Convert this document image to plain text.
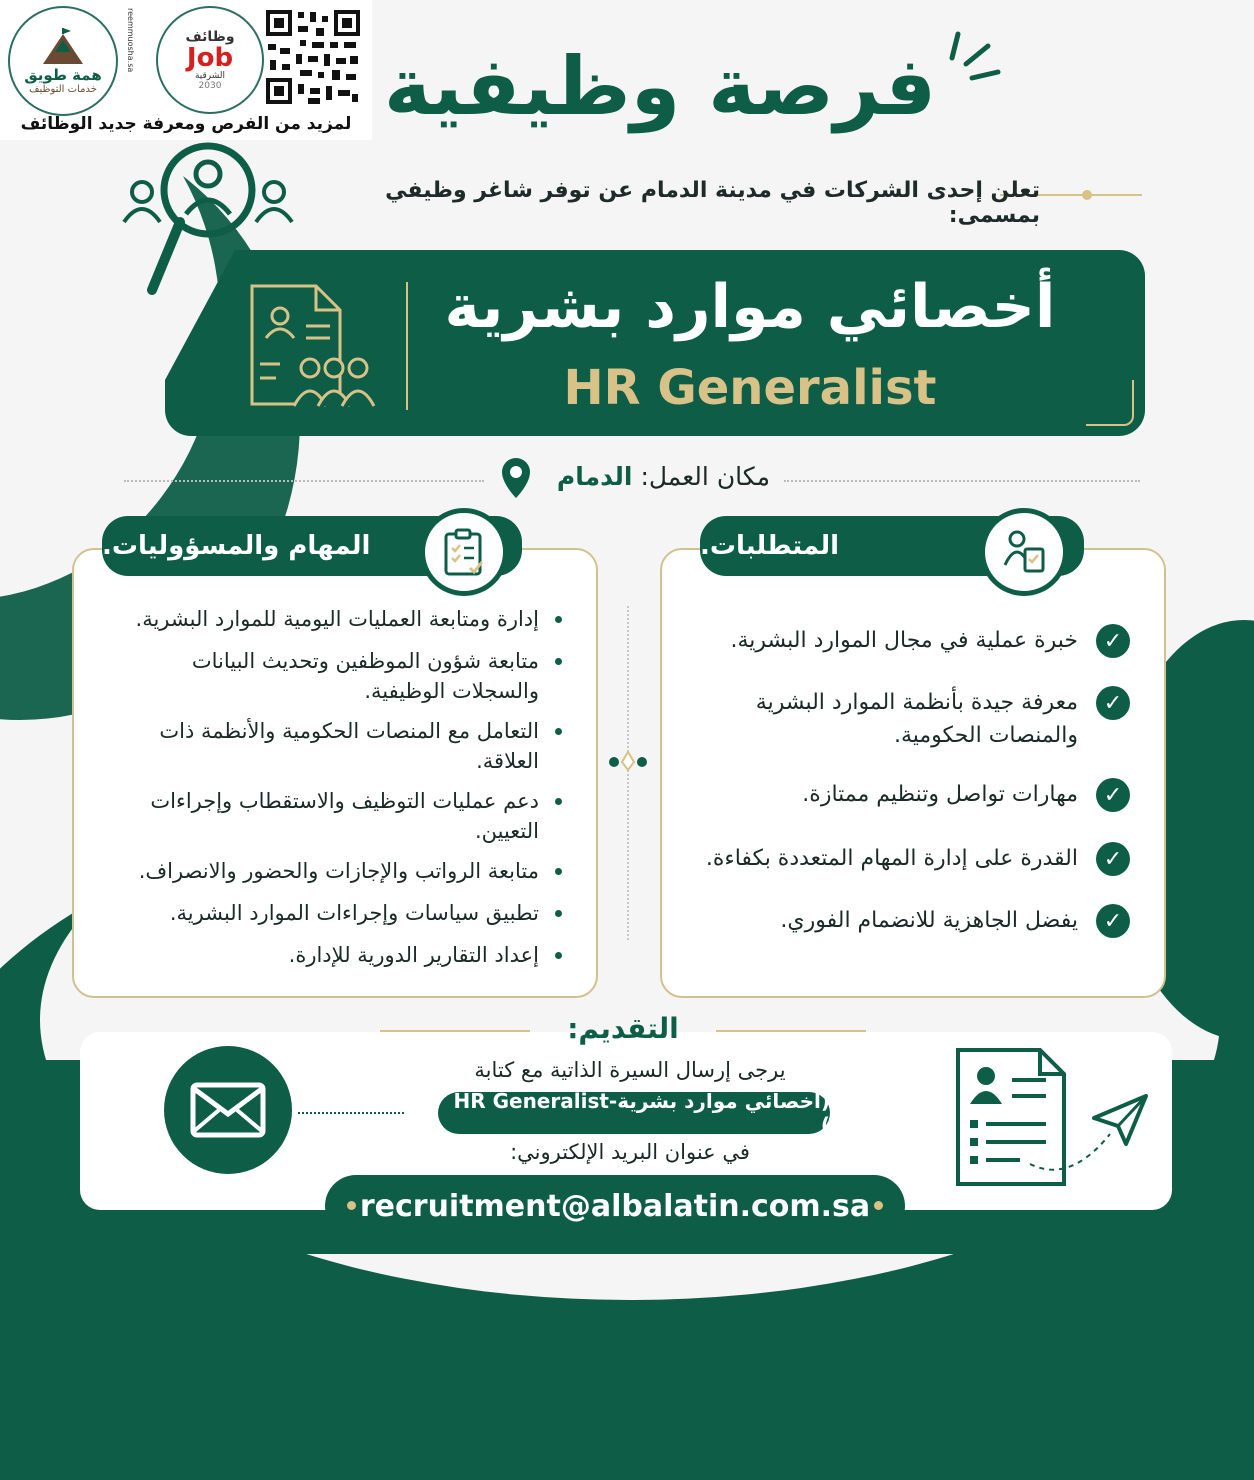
همة طويق
خدمات التوظيف
reemmuosha.sa	وظائف
Job
الشرقية
2030
لمزيد من الفرص ومعرفة جديد الوظائف فرصة وظيفية
تعلن إحدى الشركات في مدينة الدمام عن توفر شاغر وظيفي بمسمى:
أخصائي موارد بشرية
HR Generalist
مكان العمل: الدمام
المهام والمسؤوليات.
إدارة ومتابعة العمليات اليومية للموارد البشرية.
متابعة شؤون الموظفين وتحديث البيانات والسجلات الوظيفية.
التعامل مع المنصات الحكومية والأنظمة ذات العلاقة.
دعم عمليات التوظيف والاستقطاب وإجراءات التعيين.
متابعة الرواتب والإجازات والحضور والانصراف.
تطبيق سياسات وإجراءات الموارد البشرية.
إعداد التقارير الدورية للإدارة.
المتطلبات.
✓
خبرة عملية في مجال الموارد البشرية.
✓
معرفة جيدة بأنظمة الموارد البشرية والمنصات الحكومية.
✓
مهارات تواصل وتنظيم ممتازة.
✓
القدرة على إدارة المهام المتعددة بكفاءة.
✓
يفضل الجاهزية للانضمام الفوري.
التقديم:
يرجى إرسال السيرة الذاتية مع كتابة
(أخصائي موارد بشرية-HR Generalist )
في عنوان البريد الإلكتروني:
recruitment@albalatin.com.sa
